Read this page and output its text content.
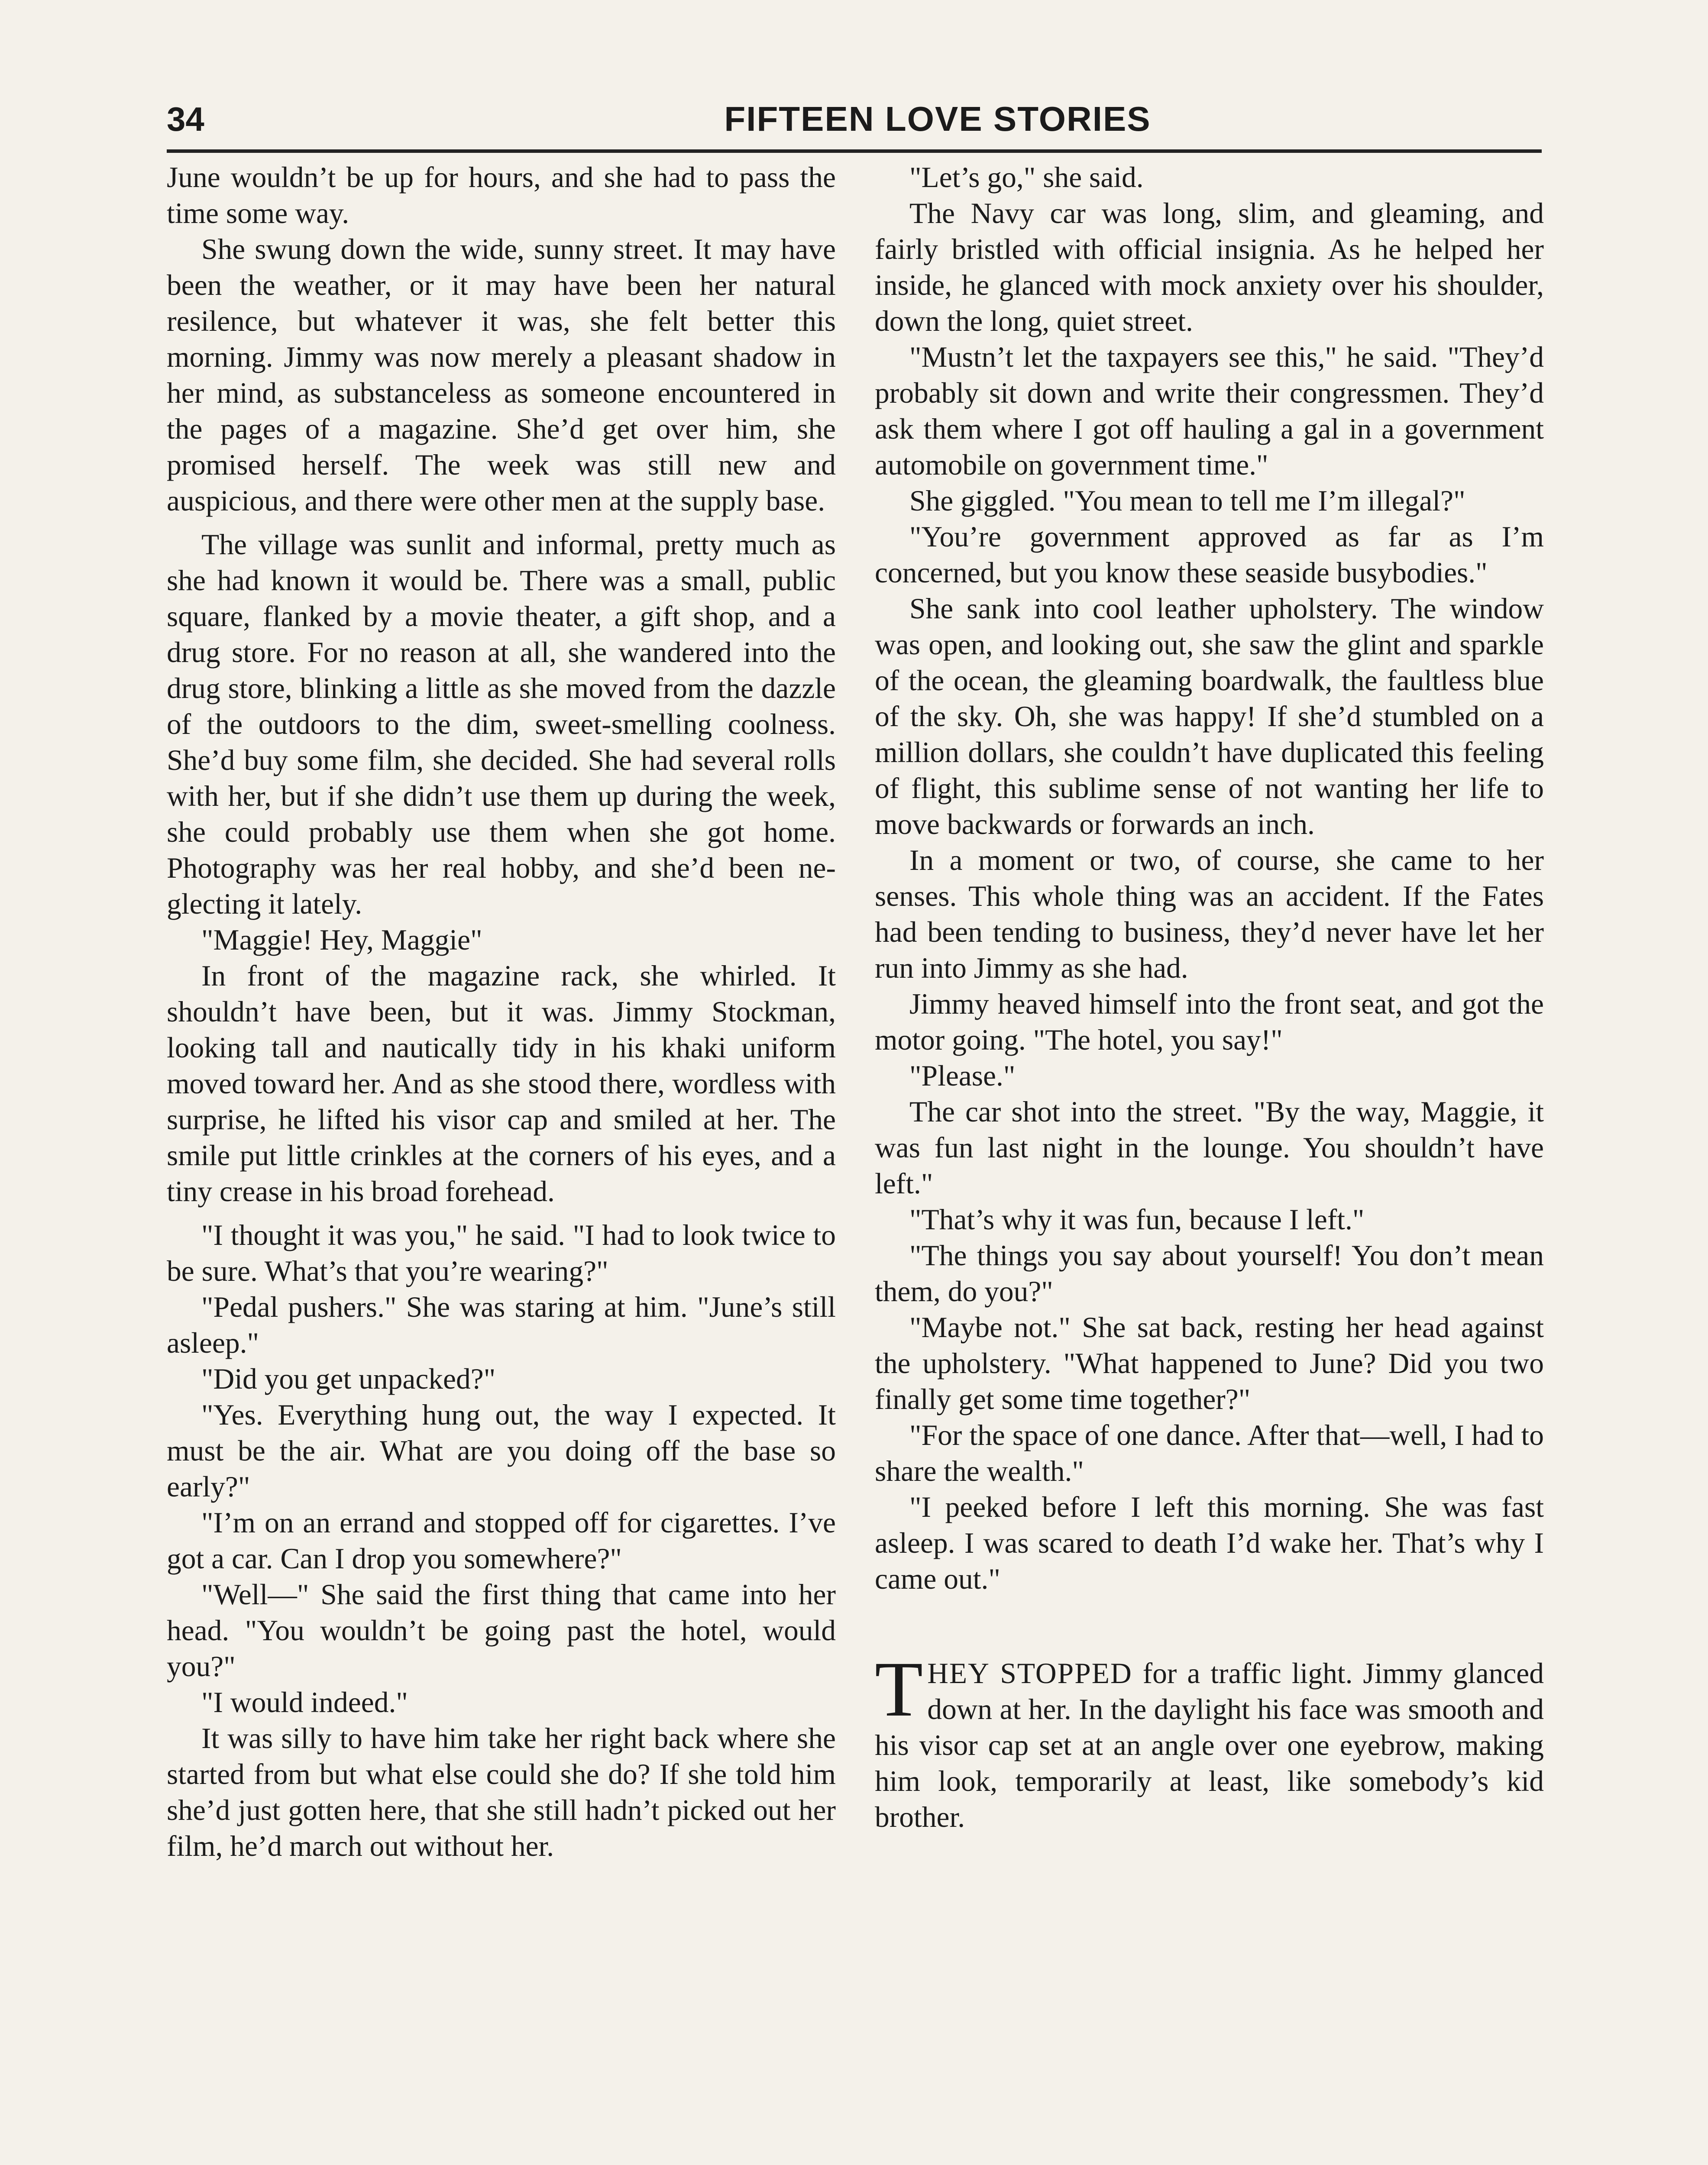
34	FIFTEEN LOVE STORIES

June wouldn’t be up for hours, and she had to pass the time some way.

She swung down the wide, sunny street. It may have been the weather, or it may have been her natural resilence, but whatever it was, she felt better this morning. Jimmy was now merely a pleasant shadow in her mind, as substanceless as someone encountered in the pages of a magazine. She’d get over him, she promised herself. The week was still new and auspicious, and there were other men at the supply base.

The village was sunlit and informal, pretty much as she had known it would be. There was a small, public square, flanked by a movie theater, a gift shop, and a drug store. For no reason at all, she wandered into the drug store, blinking a little as she moved from the dazzle of the outdoors to the dim, sweet-smelling coolness. She’d buy some film, she decided. She had several rolls with her, but if she didn’t use them up during the week, she could probably use them when she got home. Photography was her real hobby, and she’d been neglecting it lately.

"Maggie! Hey, Maggie"

In front of the magazine rack, she whirled. It shouldn’t have been, but it was. Jimmy Stockman, looking tall and nautically tidy in his khaki uniform moved toward her. And as she stood there, wordless with surprise, he lifted his visor cap and smiled at her. The smile put little crinkles at the corners of his eyes, and a tiny crease in his broad forehead.

"I thought it was you," he said. "I had to look twice to be sure. What’s that you’re wearing?"

"Pedal pushers." She was staring at him. "June’s still asleep."

"Did you get unpacked?"

"Yes. Everything hung out, the way I expected. It must be the air. What are you doing off the base so early?"

"I’m on an errand and stopped off for cigarettes. I’ve got a car. Can I drop you somewhere?"

"Well—" She said the first thing that came into her head. "You wouldn’t be going past the hotel, would you?"

"I would indeed."

It was silly to have him take her right back where she started from but what else could she do? If she told him she’d just gotten here, that she still hadn’t picked out her film, he’d march out without her.

"Let’s go," she said.

The Navy car was long, slim, and gleaming, and fairly bristled with official insignia. As he helped her inside, he glanced with mock anxiety over his shoulder, down the long, quiet street.

"Mustn’t let the taxpayers see this," he said. "They’d probably sit down and write their congressmen. They’d ask them where I got off hauling a gal in a government automobile on government time."

She giggled. "You mean to tell me I’m illegal?"

"You’re government approved as far as I’m concerned, but you know these seaside busybodies."

She sank into cool leather upholstery. The window was open, and looking out, she saw the glint and sparkle of the ocean, the gleaming boardwalk, the faultless blue of the sky. Oh, she was happy! If she’d stumbled on a million dollars, she couldn’t have duplicated this feeling of flight, this sublime sense of not wanting her life to move backwards or forwards an inch.

In a moment or two, of course, she came to her senses. This whole thing was an accident. If the Fates had been tending to business, they’d never have let her run into Jimmy as she had.

Jimmy heaved himself into the front seat, and got the motor going. "The hotel, you say!"

"Please."

The car shot into the street. "By the way, Maggie, it was fun last night in the lounge. You shouldn’t have left."

"That’s why it was fun, because I left."

"The things you say about yourself! You don’t mean them, do you?"

"Maybe not." She sat back, resting her head against the upholstery. "What happened to June? Did you two finally get some time together?"

"For the space of one dance. After that—well, I had to share the wealth."

"I peeked before I left this morning. She was fast asleep. I was scared to death I’d wake her. That’s why I came out."

THEY STOPPED for a traffic light. Jimmy glanced down at her. In the daylight his face was smooth and his visor cap set at an angle over one eyebrow, making him look, temporarily at least, like somebody’s kid brother.
